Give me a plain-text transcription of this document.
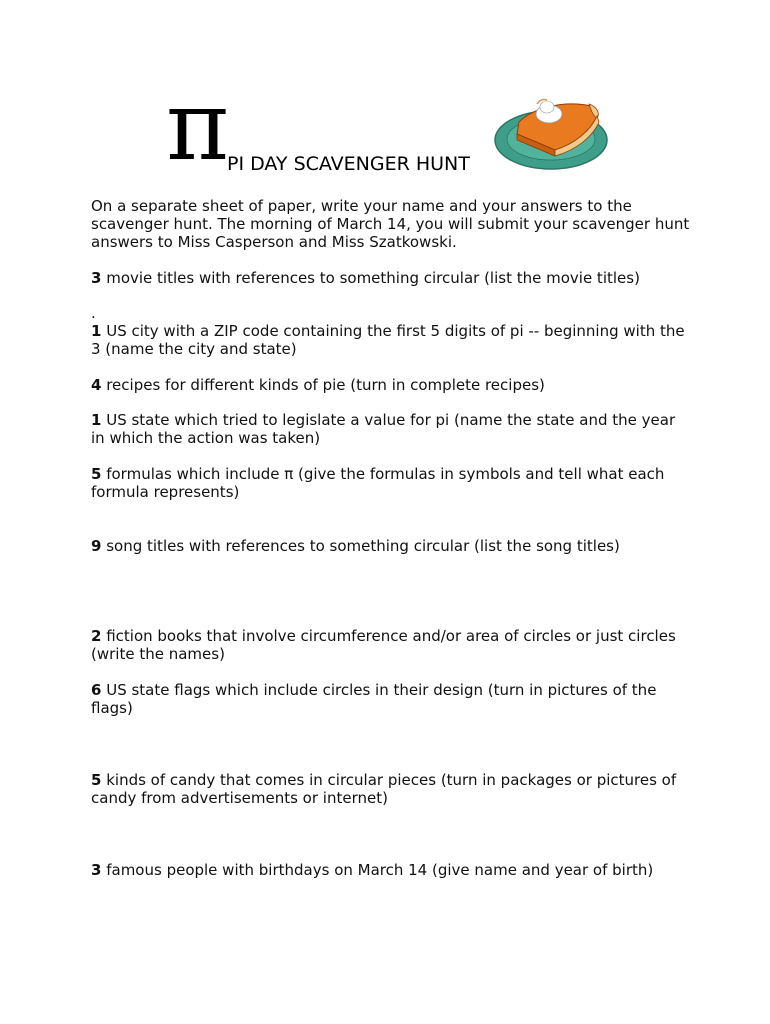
π
PI DAY SCAVENGER HUNT

On a separate sheet of paper, write your name and your answers to the scavenger hunt. The morning of March 14, you will submit your scavenger hunt answers to Miss Casperson and Miss Szatkowski.

3 movie titles with references to something circular (list the movie titles)

.

1 US city with a ZIP code containing the first 5 digits of pi -- beginning with the 3 (name the city and state)

4 recipes for different kinds of pie (turn in complete recipes)

1 US state which tried to legislate a value for pi (name the state and the year in which the action was taken)

5 formulas which include π (give the formulas in symbols and tell what each formula represents)

9 song titles with references to something circular (list the song titles)

2 fiction books that involve circumference and/or area of circles or just circles (write the names)

6 US state flags which include circles in their design (turn in pictures of the flags)

5 kinds of candy that comes in circular pieces (turn in packages or pictures of candy from advertisements or internet)

3 famous people with birthdays on March 14 (give name and year of birth)
